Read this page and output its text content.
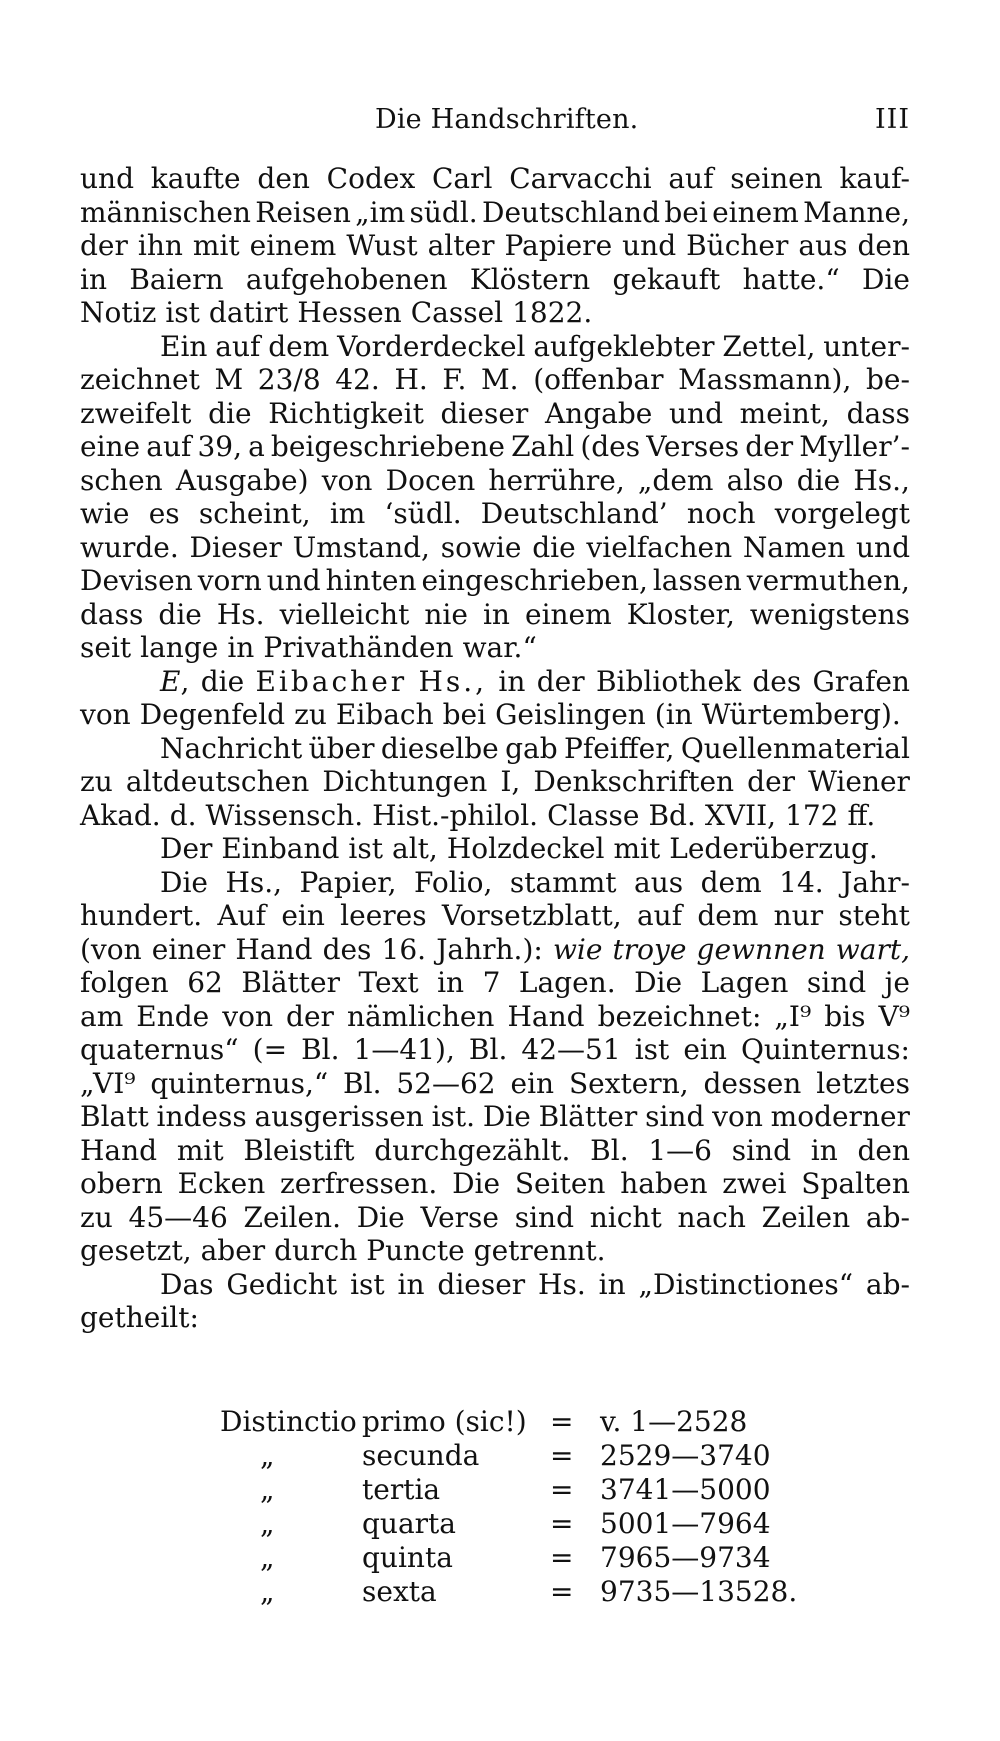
Die Handschriften.	III
und kaufte den Codex Carl Carvacchi auf seinen kauf-
männischen Reisen „im südl. Deutschland bei einem Manne,
der ihn mit einem Wust alter Papiere und Bücher aus den
in Baiern aufgehobenen Klöstern gekauft hatte.“ Die
Notiz ist datirt Hessen Cassel 1822.
Ein auf dem Vorderdeckel aufgeklebter Zettel, unter-
zeichnet M 23/8 42. H. F. M. (offenbar Massmann), be-
zweifelt die Richtigkeit dieser Angabe und meint, dass
eine auf 39, a beigeschriebene Zahl (des Verses der Myller’-
schen Ausgabe) von Docen herrühre, „dem also die Hs.,
wie es scheint, im ‘südl. Deutschland’ noch vorgelegt
wurde. Dieser Umstand, sowie die vielfachen Namen und
Devisen vorn und hinten eingeschrieben, lassen vermuthen,
dass die Hs. vielleicht nie in einem Kloster, wenigstens
seit lange in Privathänden war.“
E, die Eibacher Hs., in der Bibliothek des Grafen
von Degenfeld zu Eibach bei Geislingen (in Würtemberg).
Nachricht über dieselbe gab Pfeiffer, Quellenmaterial
zu altdeutschen Dichtungen I, Denkschriften der Wiener
Akad. d. Wissensch. Hist.-philol. Classe Bd. XVII, 172 ff.
Der Einband ist alt, Holzdeckel mit Lederüberzug.
Die Hs., Papier, Folio, stammt aus dem 14. Jahr-
hundert. Auf ein leeres Vorsetzblatt, auf dem nur steht
(von einer Hand des 16. Jahrh.): wie troye gewnnen wart,
folgen 62 Blätter Text in 7 Lagen. Die Lagen sind je
am Ende von der nämlichen Hand bezeichnet: „I⁹ bis V⁹
quaternus“ (= Bl. 1—41), Bl. 42—51 ist ein Quinternus:
„VI⁹ quinternus,“ Bl. 52—62 ein Sextern, dessen letztes
Blatt indess ausgerissen ist. Die Blätter sind von moderner
Hand mit Bleistift durchgezählt. Bl. 1—6 sind in den
obern Ecken zerfressen. Die Seiten haben zwei Spalten
zu 45—46 Zeilen. Die Verse sind nicht nach Zeilen ab-
gesetzt, aber durch Puncte getrennt.
Das Gedicht ist in dieser Hs. in „Distinctiones“ ab-
getheilt:
Distinctio primo (sic!) = v. 1—2528
„	secunda	= 2529—3740
„	tertia	= 3741—5000
„	quarta	= 5001—7964
„	quinta	= 7965—9734
„	sexta	= 9735—13528.
